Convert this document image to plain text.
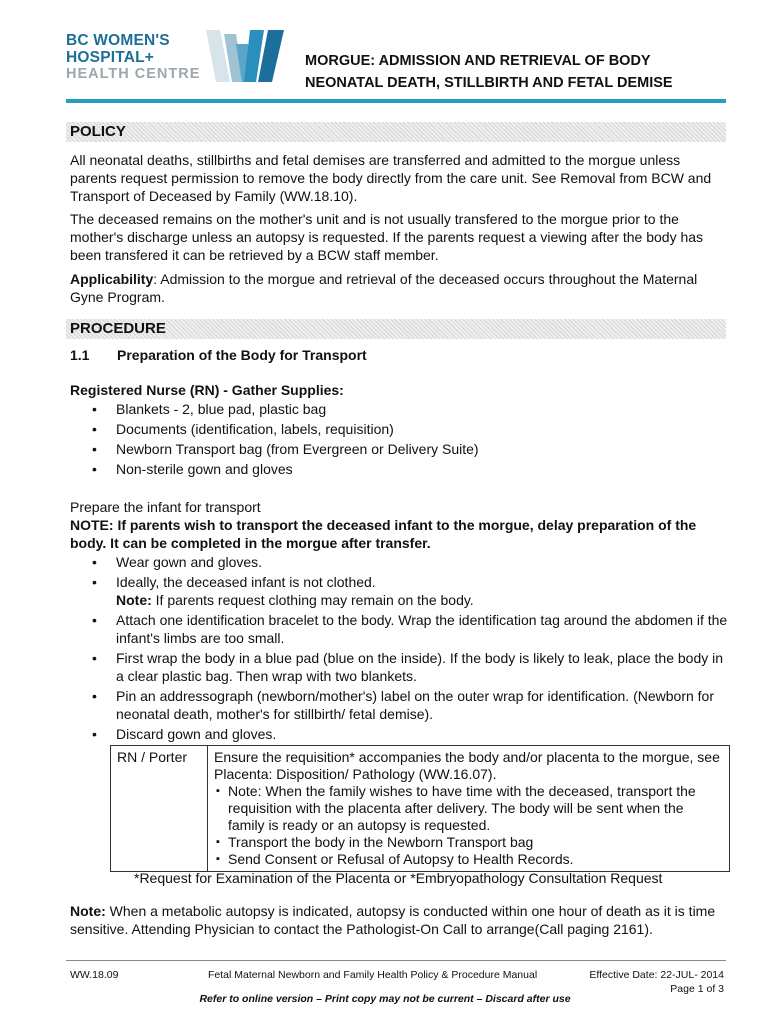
BC WOMEN'S
HOSPITAL+
HEALTH CENTRE
MORGUE: ADMISSION AND RETRIEVAL OF BODY
NEONATAL DEATH, STILLBIRTH AND FETAL DEMISE
POLICY
All neonatal deaths, stillbirths and fetal demises are transferred and admitted to the morgue unless parents request permission to remove the body directly from the care unit. See Removal from BCW and Transport of Deceased by Family (WW.18.10).
The deceased remains on the mother's unit and is not usually transfered to the morgue prior to the mother's discharge unless an autopsy is requested. If the parents request a viewing after the body has been transfered it can be retrieved by a BCW staff member.
Applicability: Admission to the morgue and retrieval of the deceased occurs throughout the Maternal Gyne Program.
PROCEDURE
1.1 Preparation of the Body for Transport
Registered Nurse (RN) - Gather Supplies:
• Blankets - 2, blue pad, plastic bag
• Documents (identification, labels, requisition)
• Newborn Transport bag (from Evergreen or Delivery Suite)
• Non-sterile gown and gloves
Prepare the infant for transport
NOTE: If parents wish to transport the deceased infant to the morgue, delay preparation of the body. It can be completed in the morgue after transfer.
• Wear gown and gloves.
• Ideally, the deceased infant is not clothed.
Note: If parents request clothing may remain on the body.
• Attach one identification bracelet to the body. Wrap the identification tag around the abdomen if the infant's limbs are too small.
• First wrap the body in a blue pad (blue on the inside). If the body is likely to leak, place the body in a clear plastic bag. Then wrap with two blankets.
• Pin an addressograph (newborn/mother's) label on the outer wrap for identification. (Newborn for neonatal death, mother's for stillbirth/ fetal demise).
• Discard gown and gloves.
RN / Porter	Ensure the requisition* accompanies the body and/or placenta to the morgue, see Placenta: Disposition/ Pathology (WW.16.07).
▪ Note: When the family wishes to have time with the deceased, transport the requisition with the placenta after delivery. The body will be sent when the family is ready or an autopsy is requested.
▪ Transport the body in the Newborn Transport bag
▪ Send Consent or Refusal of Autopsy to Health Records.
*Request for Examination of the Placenta or *Embryopathology Consultation Request
Note: When a metabolic autopsy is indicated, autopsy is conducted within one hour of death as it is time sensitive. Attending Physician to contact the Pathologist-On Call to arrange(Call paging 2161).
WW.18.09	Fetal Maternal Newborn and Family Health Policy & Procedure Manual	Effective Date: 22-JUL- 2014
Page 1 of 3
Refer to online version – Print copy may not be current – Discard after use
